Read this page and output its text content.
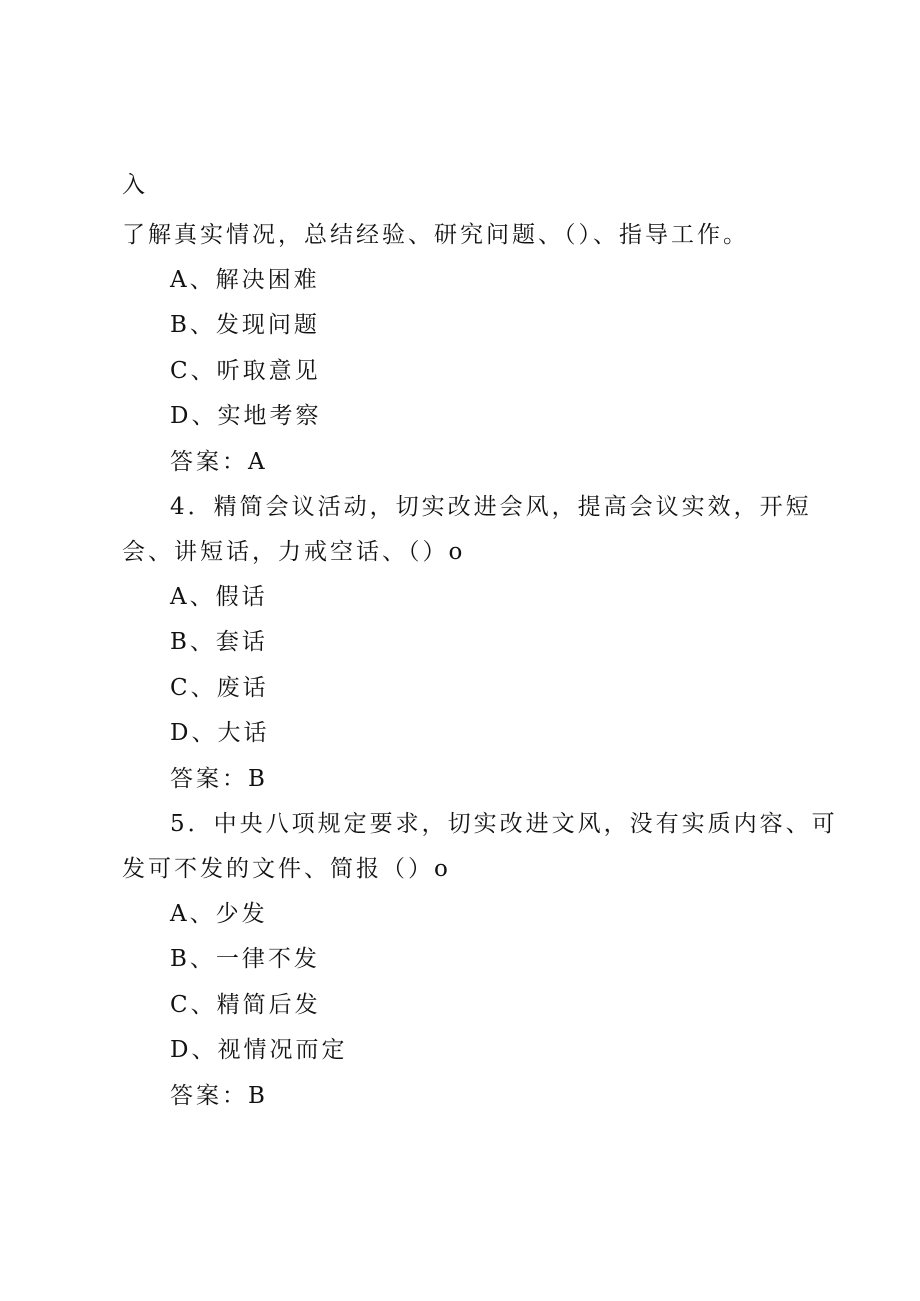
入
了解真实情况，总结经验、研究问题、（）、指导工作。
A、解决困难
B、发现问题
C、听取意见
D、实地考察
答案：A
4．精简会议活动，切实改进会风，提高会议实效，开短
会、讲短话，力戒空话、（）o
A、假话
B、套话
C、废话
D、大话
答案：B
5．中央八项规定要求，切实改进文风，没有实质内容、可
发可不发的文件、简报（）o
A、少发
B、一律不发
C、精简后发
D、视情况而定
答案：B
